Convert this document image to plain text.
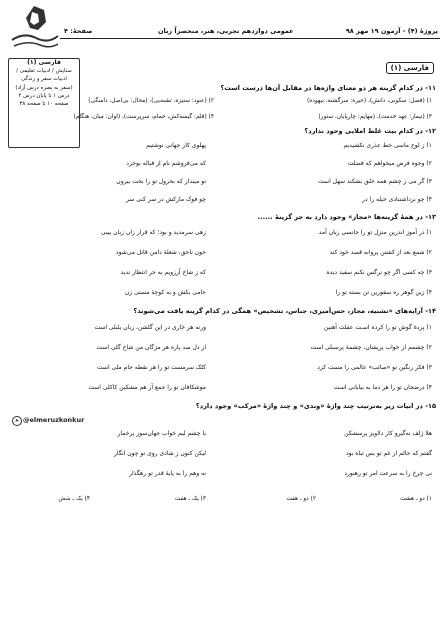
پروژهٔ (۴) - آزمون ۱۹ مهر ۹۸
عمومی دوازدهم تجربی، هنر، منحصراً زبان
صفحهٔ: ۴
فارسی (۱)
ستایش / ادبیات تعلیمی /
ادبیات سفر و زندگی
(سفر به بصره درس آزاد)
درس ۱ تا پایان درس ۴
صفحه ۱۰ تا صفحه ۳۸
فارسی (۱)
۱۱- در کدام گزینه هر دو معنای واژه‌ها در مقابل آن‌ها درست است؟
۱) (فصل: سکوبی، دانش)، (حیره: سرگشته، بیهوده)
۲) (عنود: ستیزه، تشنه‌یی)، (محال: بی‌اصل، دامنگی)
۳) (تیمار: عهد خدمت)، (مهایم: چارپایان، ستور)
۴) (قلم: گیسه‌کش، حمام، سرپرست)، (اوان: میان، هنگام)
۱۲- در کدام بیت غلط املایی وجود ندارد؟
۱) ز لوح ماسی خط عذری نکشیدیم
پهلوی کار جهانی نوشتیم
۲) وجوه فرض میخواهم که فضلت
که می‌فروشم نام از قباله بوخرد
۳) گر می ز چشم همه خلق بشکند سهل است
تو مینداز که بحرول تو را بخت بیرون
۴) چو برداشتنادی حیله را در
چو فوک مارکش در سر کنی سر
۱۳- در همهٔ گزینه‌ها «مجاز» وجود دارد به جز گزینهٔ ......
۱) در آموز اندرین منزل تو را جانسی زبان آمد
زهی سرمدید و بود؛ که قرار زان زبان بیبی
۲) شمع بعد از کشتن پروانه قصد خود کند
خون ناحق، شعلهٔ دامن قاتل می‌شود
۳) چه کسی اگر چو نرگس نکنم سفید دیده
که ز شاخ آرزویم به جر انتظار ندید
۴) زین گوهر ره سفورین تن بسته تو را
حامی بکش و به کوچهٔ مستی زن
۱۴- آرایه‌های «تشبیه، مجاز، حس‌آمیزی، جناس، تشخیص» همگی در کدام گزینه یافت می‌شوند؟
۱) پردهٔ گوش تو را کرده اسـت عفلت آهنین
ورنه هر خاری در این گلشن، زبان بلبلی است
۲) چشمم از خواب پریشان، چشمهٔ پرسبلی است
از دل صد پاره هر مژگان من شاخ گلی است
۳) فکر رنگین تو «صائب» عالمی را مست کرد
کلک سرمست تو را هر نقطه جام ملی است
۴) درضحان تو را هر دما به بیابانی است
موشکافان تو را جمع آر هم مشکین کاکلی است
۱۵- در ابیات زیر به‌ترتیب چند واژهٔ «وندی» و چند واژهٔ «مرکب» وجود دارد؟
➤ @elmeruzkonkur
هلا ژلف نه‌گیرو کار دلاویز پرسشکن
با چشم لیم خواب جهان‌سوز پرخمار
گفتم که حالم از غم تو بس تباه بود
لیکن کنون ز شادی روی تو چون انگار
نی چرخ را به سرعت امر تو رهنورد
نه وهم را به پایهٔ قدر تو رهگذار
۱) دو ـ هشت
۲) دو ـ هفت
۳) یک ـ هفت
۴) یک ـ شش
